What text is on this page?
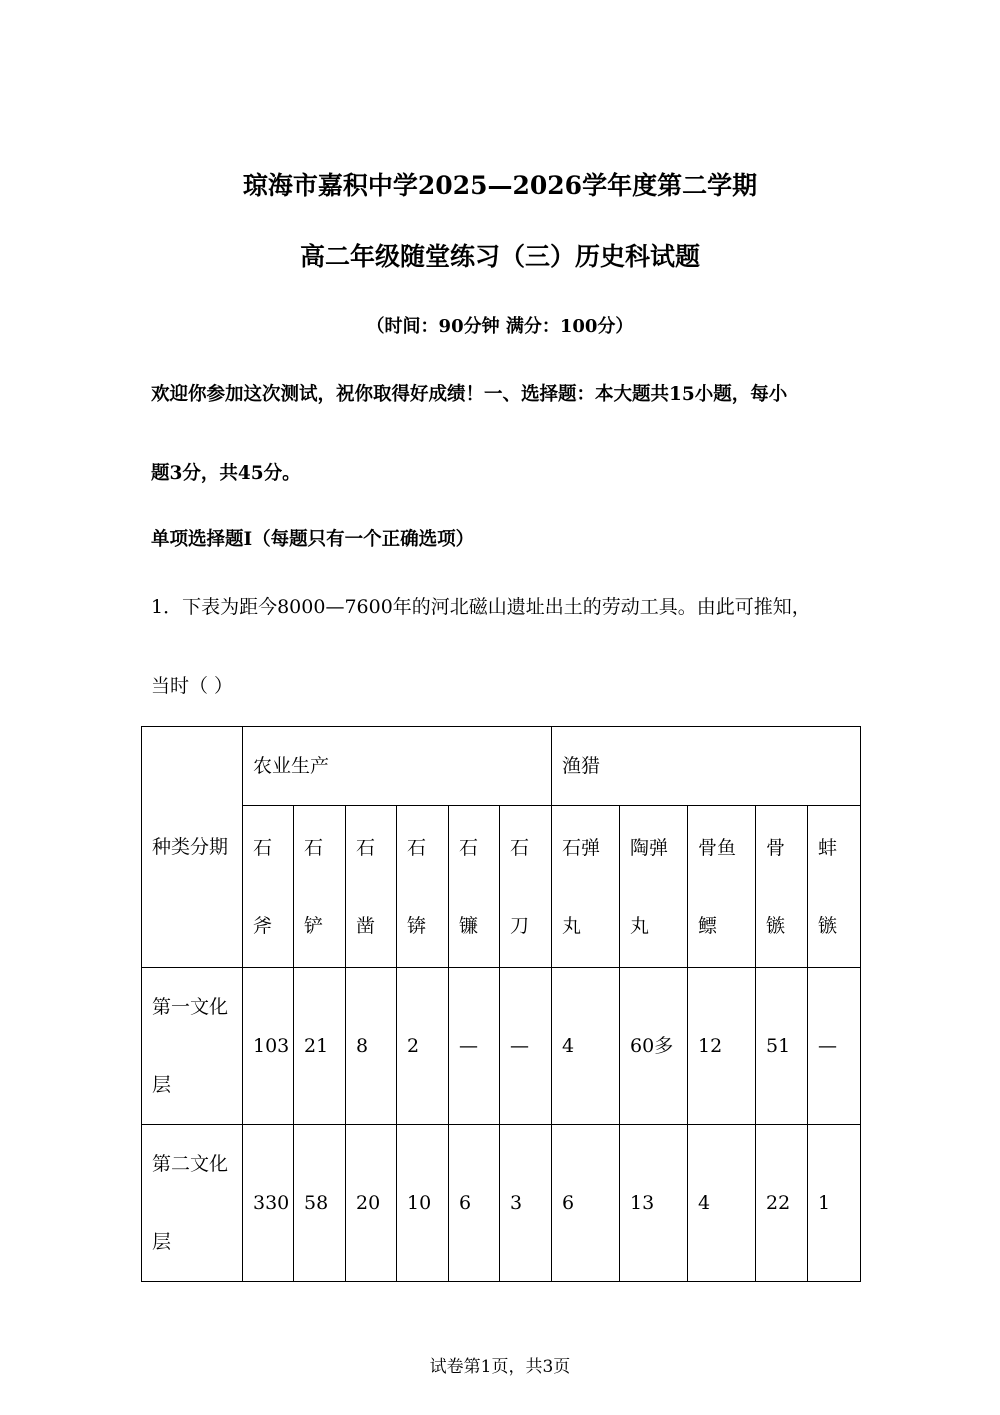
琼海市嘉积中学2025—2026学年度第二学期
高二年级随堂练习（三）历史科试题
（时间：90分钟 满分：100分）
欢迎你参加这次测试，祝你取得好成绩！一、选择题：本大题共15小题，每小
题3分，共45分。
单项选择题Ⅰ（每题只有一个正确选项）
1．下表为距今8000—7600年的河北磁山遗址出土的劳动工具。由此可推知，
当时（ ）
种类分期	农业生产						渔猎				

	石
斧	石
铲	石
凿	石
锛	石
镰	石
刀	石弹
丸	陶弹
丸	骨鱼
鳔	骨
镞	蚌
镞

第一文化
层	103	21	8	2	—	—	4	60多	12	51	—

第二文化
层	330	58	20	10	6	3	6	13	4	22	1
试卷第1页，共3页
